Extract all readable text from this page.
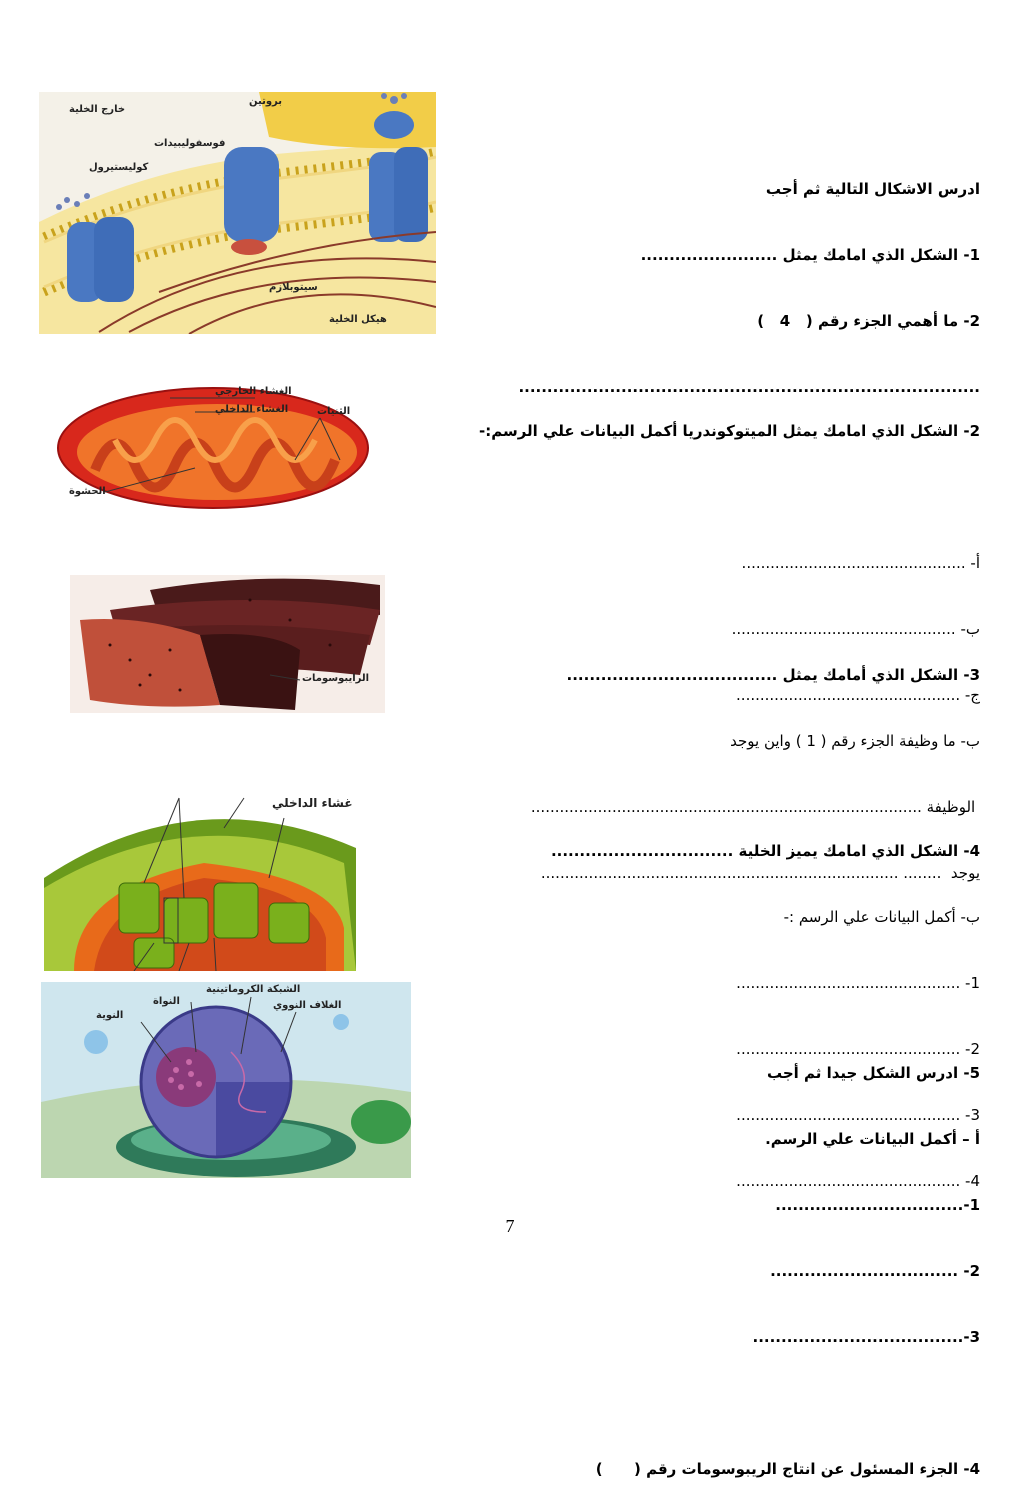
خارج الخلية
بروتين
فوسفوليبيدات
كوليستيرول
سيتوبلازم
هيكل الخلية

ادرس الاشكال التالية ثم أجب

1- الشكل الذي امامك يمثل ........................

2- ما أهمي الجزء رقم (   4   )

.................................................................................

الغشاء الخارجي
الغشاء الداخلي	الثنيات
الحشوة

2- الشكل الذي امامك يمثل الميتوكوندريا أكمل البيانات علي الرسم:-

أ- ...............................................

ب- ...............................................

ج- ...............................................

الرايبوسومات

	3- الشكل الذي أمامك يمثل .....................................

ب- ما وظيفة الجزء رقم ( 1 ) واين يوجد

الوظيفة ..................................................................................

يوجد  ........ ...........................................................................

غشاء الداخلي

4- الشكل الذي امامك يميز الخلية ................................

ب- أكمل البيانات علي الرسم :-

1- ...............................................

2- ...............................................

3- ...............................................

4- ...............................................

الشبكة الكروماتينية
النواة	الغلاف النووي
النوية

5- ادرس الشكل جيدا ثم أجب

أ – أكمل البيانات علي الرسم.

1-.................................

2- .................................

3-.....................................

4- الجزء المسئول عن انتاج الريبوسومات رقم (      )

7
